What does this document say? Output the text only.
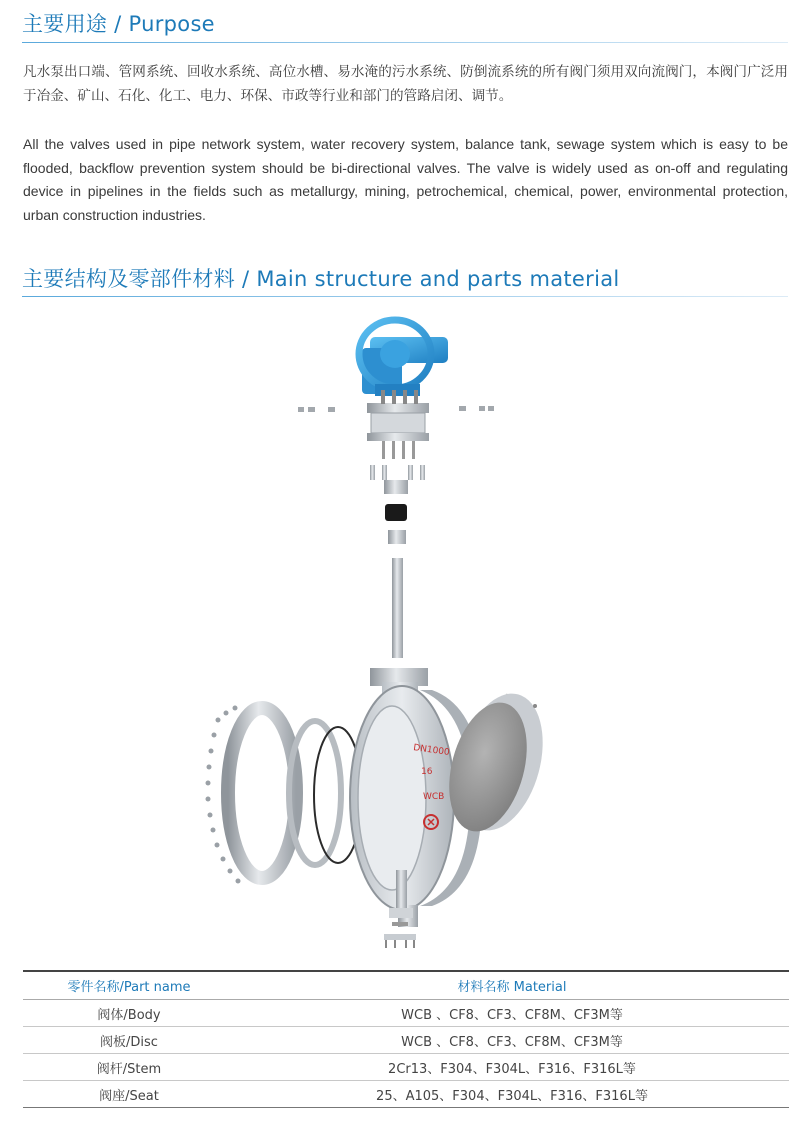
主要用途 / Purpose
凡水泵出口端、管网系统、回收水系统、高位水槽、易水淹的污水系统、防倒流系统的所有阀门须用双向流阀门，本阀门广泛用于冶金、矿山、石化、化工、电力、环保、市政等行业和部门的管路启闭、调节。
All the valves used in pipe network system, water recovery system, balance tank, sewage system which is easy to be flooded, backflow prevention system should be bi-directional valves. The valve is widely used as on-off and regulating device in pipelines in the fields such as metallurgy, mining, petrochemical, chemical, power, environmental protection, urban construction industries.
主要结构及零部件材料 / Main structure and parts material
DN1000
16
WCB
零件名称/Part name	材料名称 Material
阀体/Body	WCB 、CF8、CF3、CF8M、CF3M等
阀板/Disc	WCB 、CF8、CF3、CF8M、CF3M等
阀杆/Stem	2Cr13、F304、F304L、F316、F316L等
阀座/Seat	25、A105、F304、F304L、F316、F316L等
